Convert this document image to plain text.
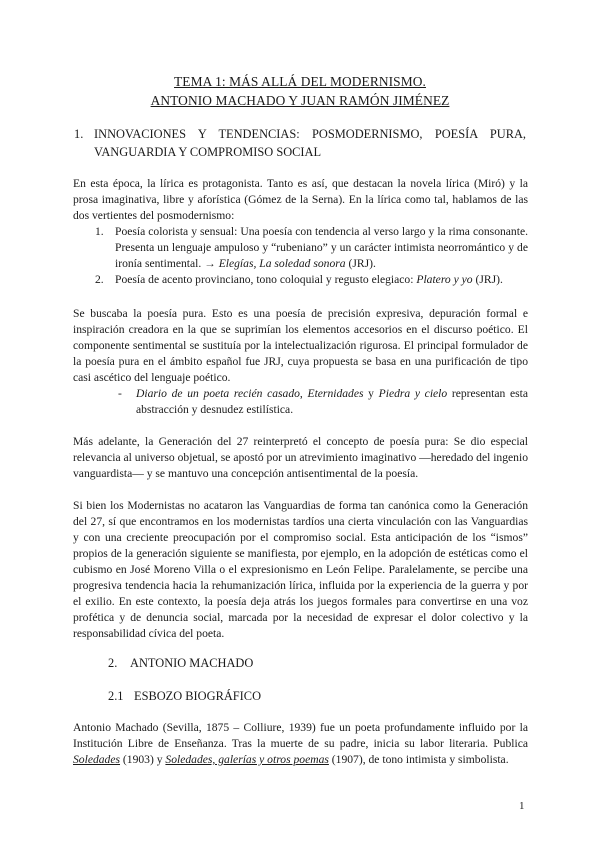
TEMA 1: MÁS ALLÁ DEL MODERNISMO.
ANTONIO MACHADO Y JUAN RAMÓN JIMÉNEZ
1. INNOVACIONES Y TENDENCIAS: POSMODERNISMO, POESÍA PURA, VANGUARDIA Y COMPROMISO SOCIAL
En esta época, la lírica es protagonista. Tanto es así, que destacan la novela lírica (Miró) y la prosa imaginativa, libre y aforística (Gómez de la Serna). En la lírica como tal, hablamos de las dos vertientes del posmodernismo:
1. Poesía colorista y sensual: Una poesía con tendencia al verso largo y la rima consonante. Presenta un lenguaje ampuloso y “rubeniano” y un carácter intimista neorromántico y de ironía sentimental. → Elegías, La soledad sonora (JRJ).
2. Poesía de acento provinciano, tono coloquial y regusto elegiaco: Platero y yo (JRJ).
Se buscaba la poesía pura. Esto es una poesía de precisión expresiva, depuración formal e inspiración creadora en la que se suprimían los elementos accesorios en el discurso poético. El componente sentimental se sustituía por la intelectualización rigurosa. El principal formulador de la poesía pura en el ámbito español fue JRJ, cuya propuesta se basa en una purificación de tipo casi ascético del lenguaje poético.
- Diario de un poeta recién casado, Eternidades y Piedra y cielo representan esta abstracción y desnudez estilística.
Más adelante, la Generación del 27 reinterpretó el concepto de poesía pura: Se dio especial relevancia al universo objetual, se apostó por un atrevimiento imaginativo —heredado del ingenio vanguardista— y se mantuvo una concepción antisentimental de la poesía.
Si bien los Modernistas no acataron las Vanguardias de forma tan canónica como la Generación del 27, sí que encontramos en los modernistas tardíos una cierta vinculación con las Vanguardias y con una creciente preocupación por el compromiso social. Esta anticipación de los “ismos” propios de la generación siguiente se manifiesta, por ejemplo, en la adopción de estéticas como el cubismo en José Moreno Villa o el expresionismo en León Felipe. Paralelamente, se percibe una progresiva tendencia hacia la rehumanización lírica, influida por la experiencia de la guerra y por el exilio. En este contexto, la poesía deja atrás los juegos formales para convertirse en una voz profética y de denuncia social, marcada por la necesidad de expresar el dolor colectivo y la responsabilidad cívica del poeta.
2. ANTONIO MACHADO
2.1 ESBOZO BIOGRÁFICO
Antonio Machado (Sevilla, 1875 – Colliure, 1939) fue un poeta profundamente influido por la Institución Libre de Enseñanza. Tras la muerte de su padre, inicia su labor literaria. Publica Soledades (1903) y Soledades, galerías y otros poemas (1907), de tono intimista y simbolista.
1
